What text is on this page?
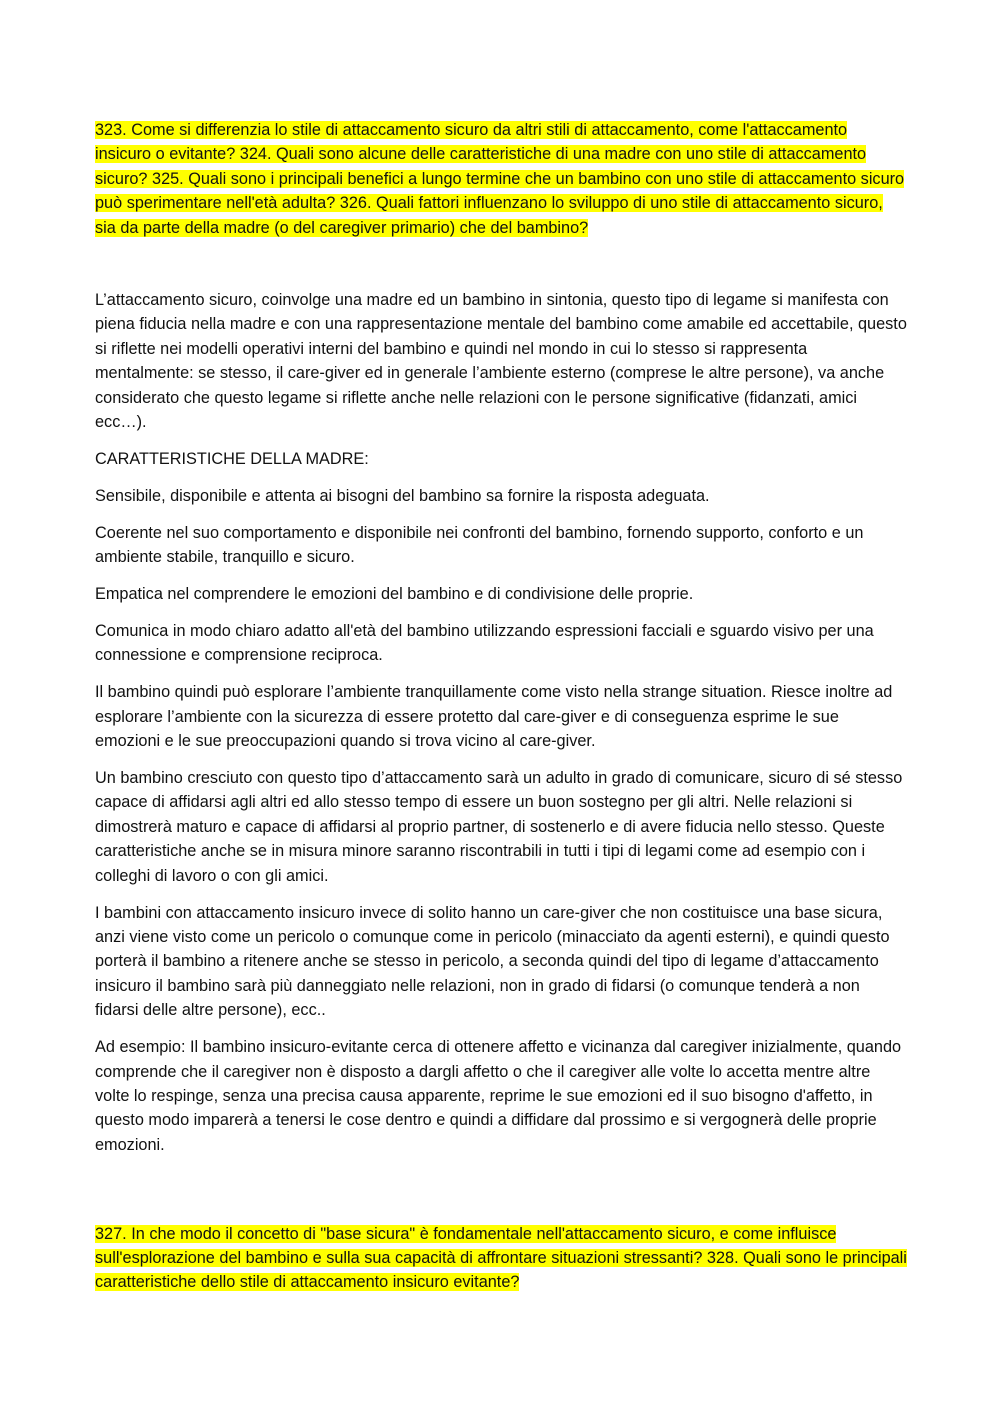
323. Come si differenzia lo stile di attaccamento sicuro da altri stili di attaccamento, come l'attaccamento insicuro o evitante? 324. Quali sono alcune delle caratteristiche di una madre con uno stile di attaccamento sicuro? 325. Quali sono i principali benefici a lungo termine che un bambino con uno stile di attaccamento sicuro può sperimentare nell'età adulta? 326. Quali fattori influenzano lo sviluppo di uno stile di attaccamento sicuro, sia da parte della madre (o del caregiver primario) che del bambino?

L’attaccamento sicuro, coinvolge una madre ed un bambino in sintonia, questo tipo di legame si manifesta con piena fiducia nella madre e con una rappresentazione mentale del bambino come amabile ed accettabile, questo si riflette nei modelli operativi interni del bambino e quindi nel mondo in cui lo stesso si rappresenta mentalmente: se stesso, il care-giver ed in generale l’ambiente esterno (comprese le altre persone), va anche considerato che questo legame si riflette anche nelle relazioni con le persone significative (fidanzati, amici ecc…).

CARATTERISTICHE DELLA MADRE:

Sensibile, disponibile e attenta ai bisogni del bambino sa fornire la risposta adeguata.

Coerente nel suo comportamento e disponibile nei confronti del bambino, fornendo supporto, conforto e un ambiente stabile, tranquillo e sicuro.

Empatica nel comprendere le emozioni del bambino e di condivisione delle proprie.

Comunica in modo chiaro adatto all'età del bambino utilizzando espressioni facciali e sguardo visivo per una connessione e comprensione reciproca.

Il bambino quindi può esplorare l’ambiente tranquillamente come visto nella strange situation. Riesce inoltre ad esplorare l’ambiente con la sicurezza di essere protetto dal care-giver e di conseguenza esprime le sue emozioni e le sue preoccupazioni quando si trova vicino al care-giver.

Un bambino cresciuto con questo tipo d’attaccamento sarà un adulto in grado di comunicare, sicuro di sé stesso capace di affidarsi agli altri ed allo stesso tempo di essere un buon sostegno per gli altri. Nelle relazioni si dimostrerà maturo e capace di affidarsi al proprio partner, di sostenerlo e di avere fiducia nello stesso. Queste caratteristiche anche se in misura minore saranno riscontrabili in tutti i tipi di legami come ad esempio con i colleghi di lavoro o con gli amici.

I bambini con attaccamento insicuro invece di solito hanno un care-giver che non costituisce una base sicura, anzi viene visto come un pericolo o comunque come in pericolo (minacciato da agenti esterni), e quindi questo porterà il bambino a ritenere anche se stesso in pericolo, a seconda quindi del tipo di legame d’attaccamento insicuro il bambino sarà più danneggiato nelle relazioni, non in grado di fidarsi (o comunque tenderà a non fidarsi delle altre persone), ecc..

Ad esempio: Il bambino insicuro-evitante cerca di ottenere affetto e vicinanza dal caregiver inizialmente, quando comprende che il caregiver non è disposto a dargli affetto o che il caregiver alle volte lo accetta mentre altre volte lo respinge, senza una precisa causa apparente, reprime le sue emozioni ed il suo bisogno d'affetto, in questo modo imparerà a tenersi le cose dentro e quindi a diffidare dal prossimo e si vergognerà delle proprie emozioni.

327. In che modo il concetto di "base sicura" è fondamentale nell'attaccamento sicuro, e come influisce sull'esplorazione del bambino e sulla sua capacità di affrontare situazioni stressanti? 328. Quali sono le principali caratteristiche dello stile di attaccamento insicuro evitante?
